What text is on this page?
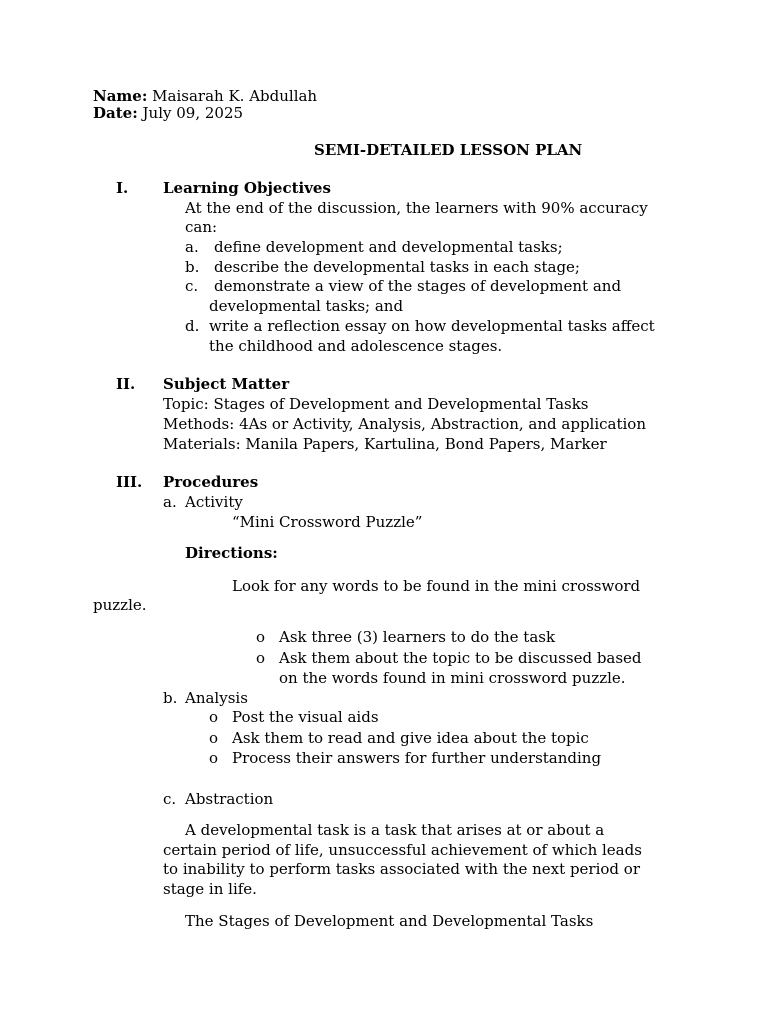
Name: Maisarah K. Abdullah
Date: July 09, 2025
SEMI-DETAILED LESSON PLAN
I. Learning Objectives
At the end of the discussion, the learners with 90% accuracy
can:
a. define development and developmental tasks;
b. describe the developmental tasks in each stage;
c. demonstrate a view of the stages of development and
developmental tasks; and
d. write a reflection essay on how developmental tasks affect
the childhood and adolescence stages.
II. Subject Matter
Topic: Stages of Development and Developmental Tasks
Methods: 4As or Activity, Analysis, Abstraction, and application
Materials: Manila Papers, Kartulina, Bond Papers, Marker
III. Procedures
a. Activity
“Mini Crossword Puzzle”
Directions:
Look for any words to be found in the mini crossword
puzzle.
o Ask three (3) learners to do the task
o Ask them about the topic to be discussed based
on the words found in mini crossword puzzle.
b. Analysis
o Post the visual aids
o Ask them to read and give idea about the topic
o Process their answers for further understanding
c. Abstraction
A developmental task is a task that arises at or about a
certain period of life, unsuccessful achievement of which leads
to inability to perform tasks associated with the next period or
stage in life.
The Stages of Development and Developmental Tasks
